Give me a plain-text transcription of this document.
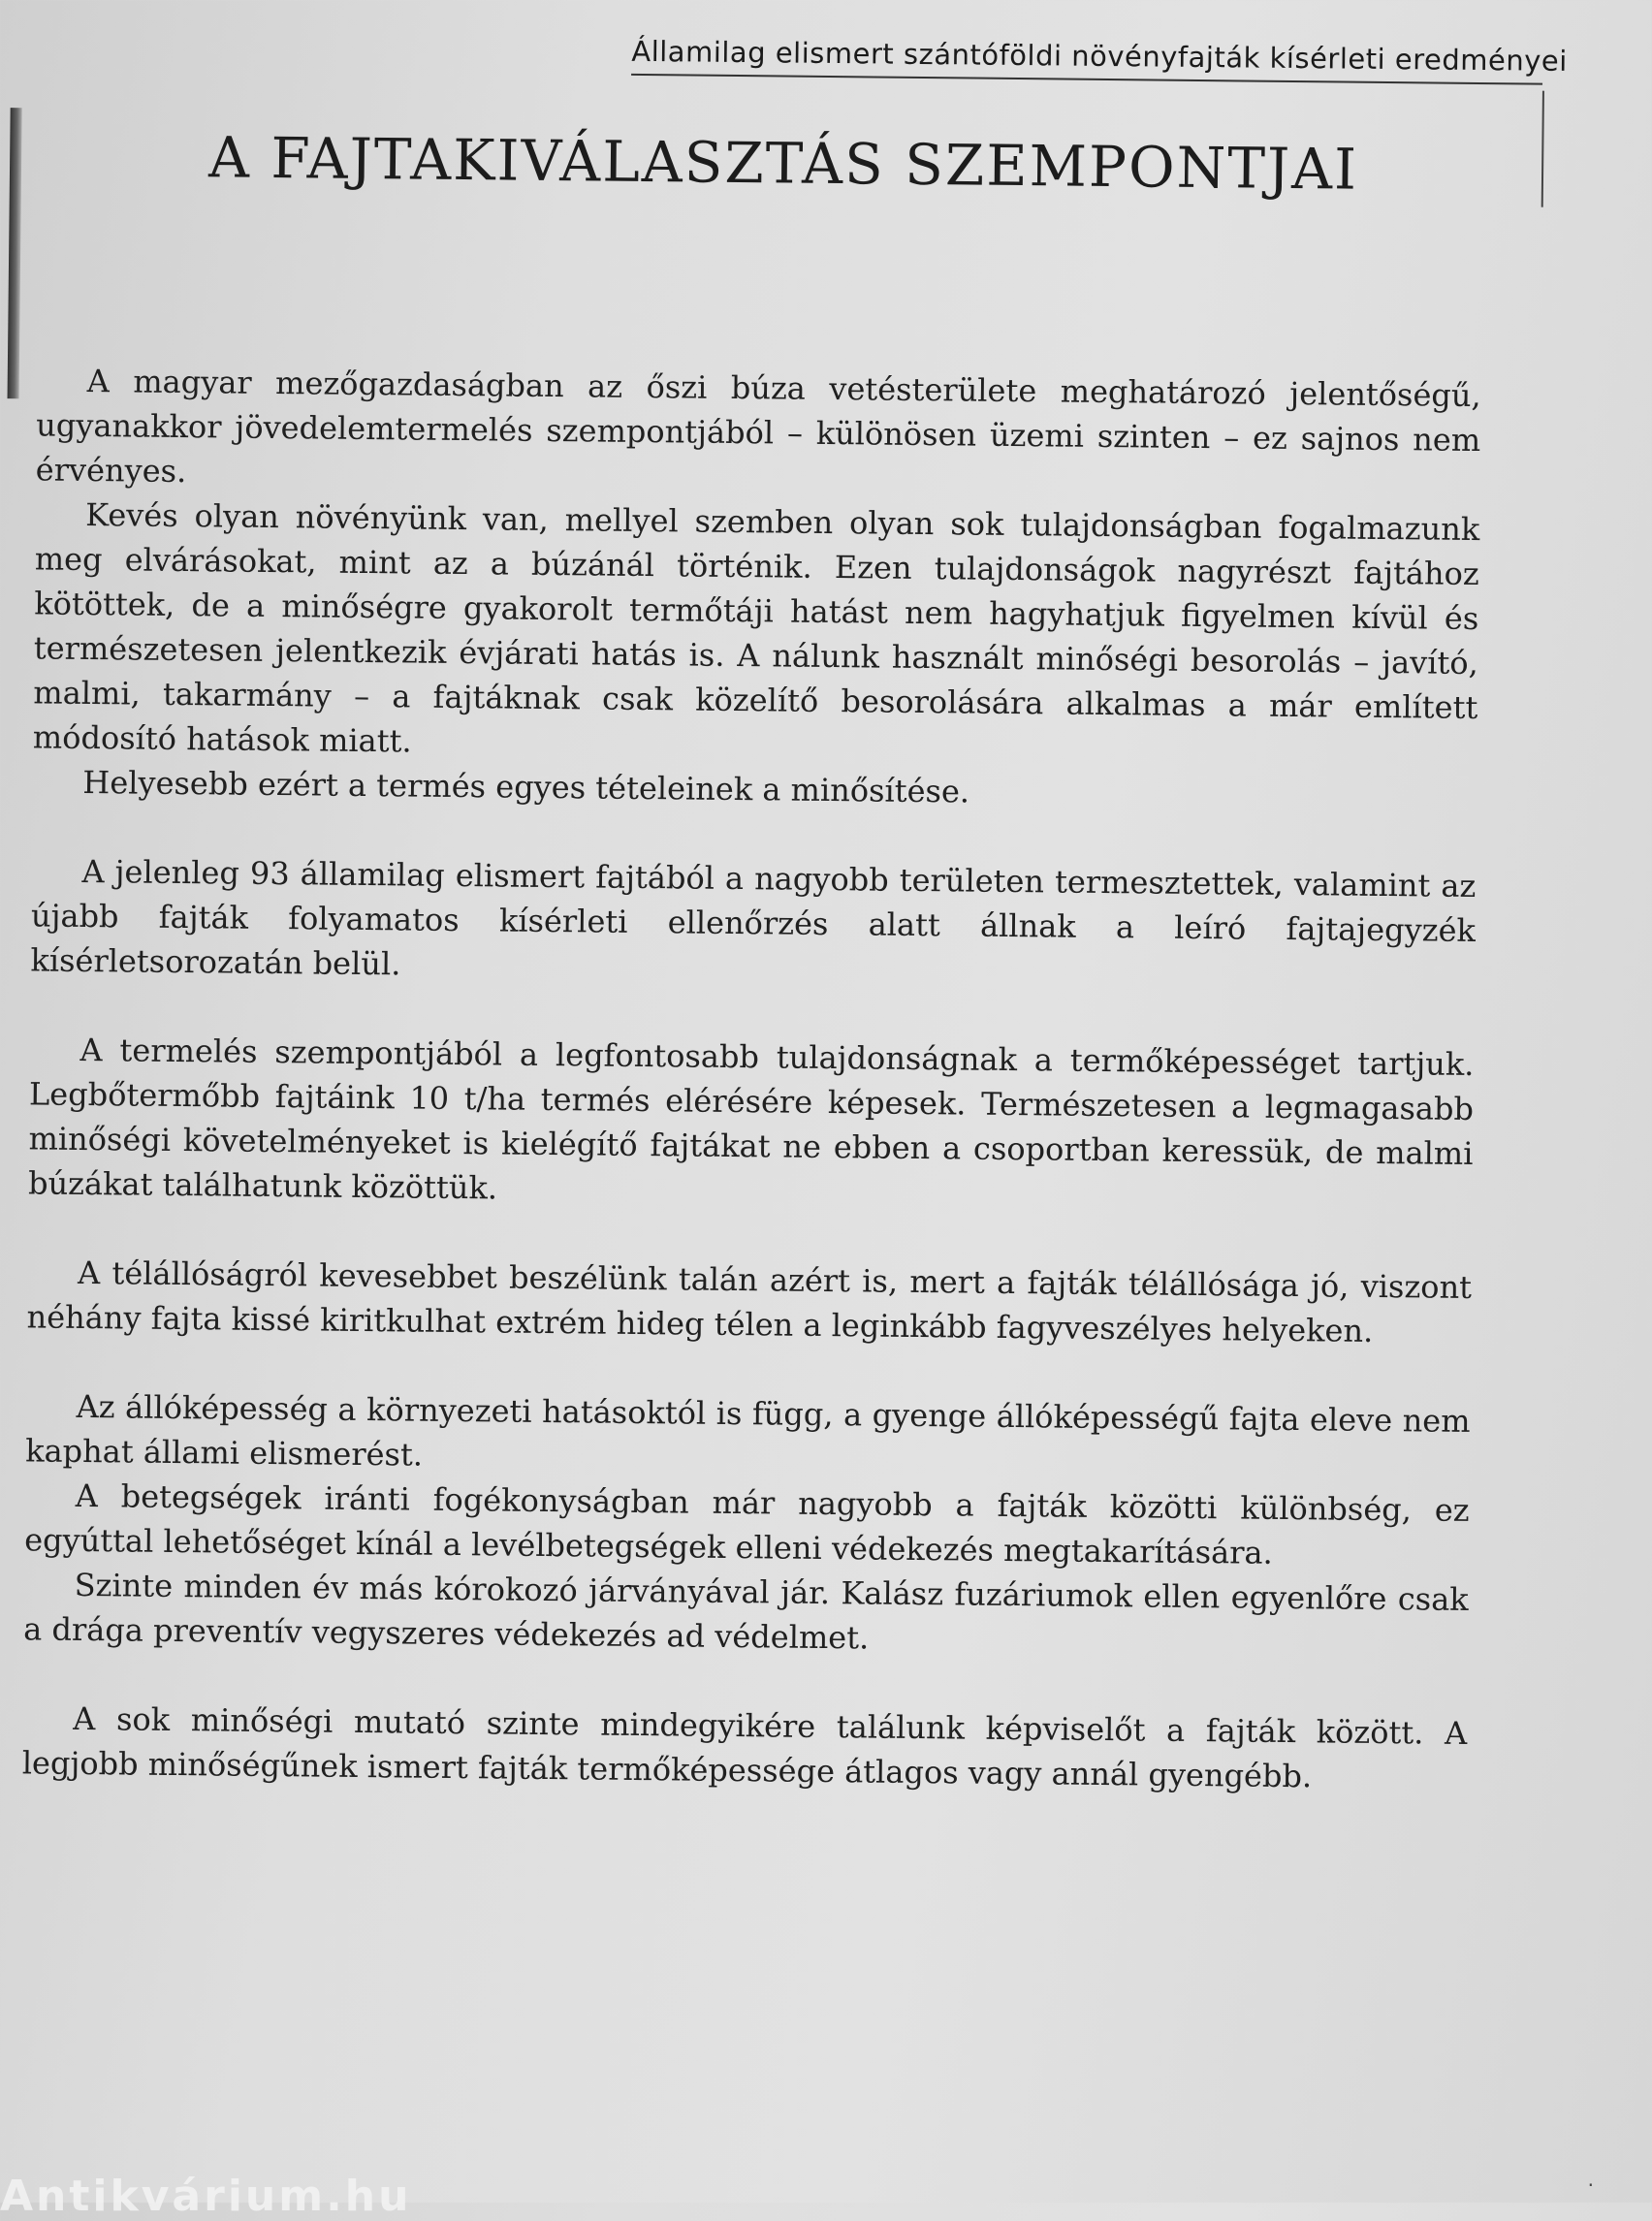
Államilag elismert szántóföldi növényfajták kísérleti eredményei
A FAJTAKIVÁLASZTÁS SZEMPONTJAI

A magyar mezőgazdaságban az őszi búza vetésterülete meghatározó jelentőségű, ugyanakkor jövedelemtermelés szempontjából – különösen üzemi szinten – ez sajnos nem érvényes.

Kevés olyan növényünk van, mellyel szemben olyan sok tulajdonságban fogalmazunk meg elvárásokat, mint az a búzánál történik. Ezen tulajdonságok nagyrészt fajtához kötöttek, de a minőségre gyakorolt termőtáji hatást nem hagyhatjuk figyelmen kívül és természetesen jelentkezik évjárati hatás is. A nálunk használt minőségi besorolás – javító, malmi, takarmány – a fajtáknak csak közelítő besorolására alkalmas a már említett módosító hatások miatt.

Helyesebb ezért a termés egyes tételeinek a minősítése.

A jelenleg 93 államilag elismert fajtából a nagyobb területen termesztettek, valamint az újabb fajták folyamatos kísérleti ellenőrzés alatt állnak a leíró fajtajegyzék kísérletsorozatán belül.

A termelés szempontjából a legfontosabb tulajdonságnak a termőképességet tartjuk. Legbőtermőbb fajtáink 10 t/ha termés elérésére képesek. Természetesen a legmagasabb minőségi követelményeket is kielégítő fajtákat ne ebben a csoportban keressük, de malmi búzákat találhatunk közöttük.

A télállóságról kevesebbet beszélünk talán azért is, mert a fajták télállósága jó, viszont néhány fajta kissé kiritkulhat extrém hideg télen a leginkább fagyveszélyes helyeken.

Az állóképesség a környezeti hatásoktól is függ, a gyenge állóképességű fajta eleve nem kaphat állami elismerést.

A betegségek iránti fogékonyságban már nagyobb a fajták közötti különbség, ez egyúttal lehetőséget kínál a levélbetegségek elleni védekezés megtakarítására.

Szinte minden év más kórokozó járványával jár. Kalász fuzáriumok ellen egyenlőre csak a drága preventív vegyszeres védekezés ad védelmet.

A sok minőségi mutató szinte mindegyikére találunk képviselőt a fajták között. A legjobb minőségűnek ismert fajták termőképessége átlagos vagy annál gyengébb.

Antikvárium.hu	·
